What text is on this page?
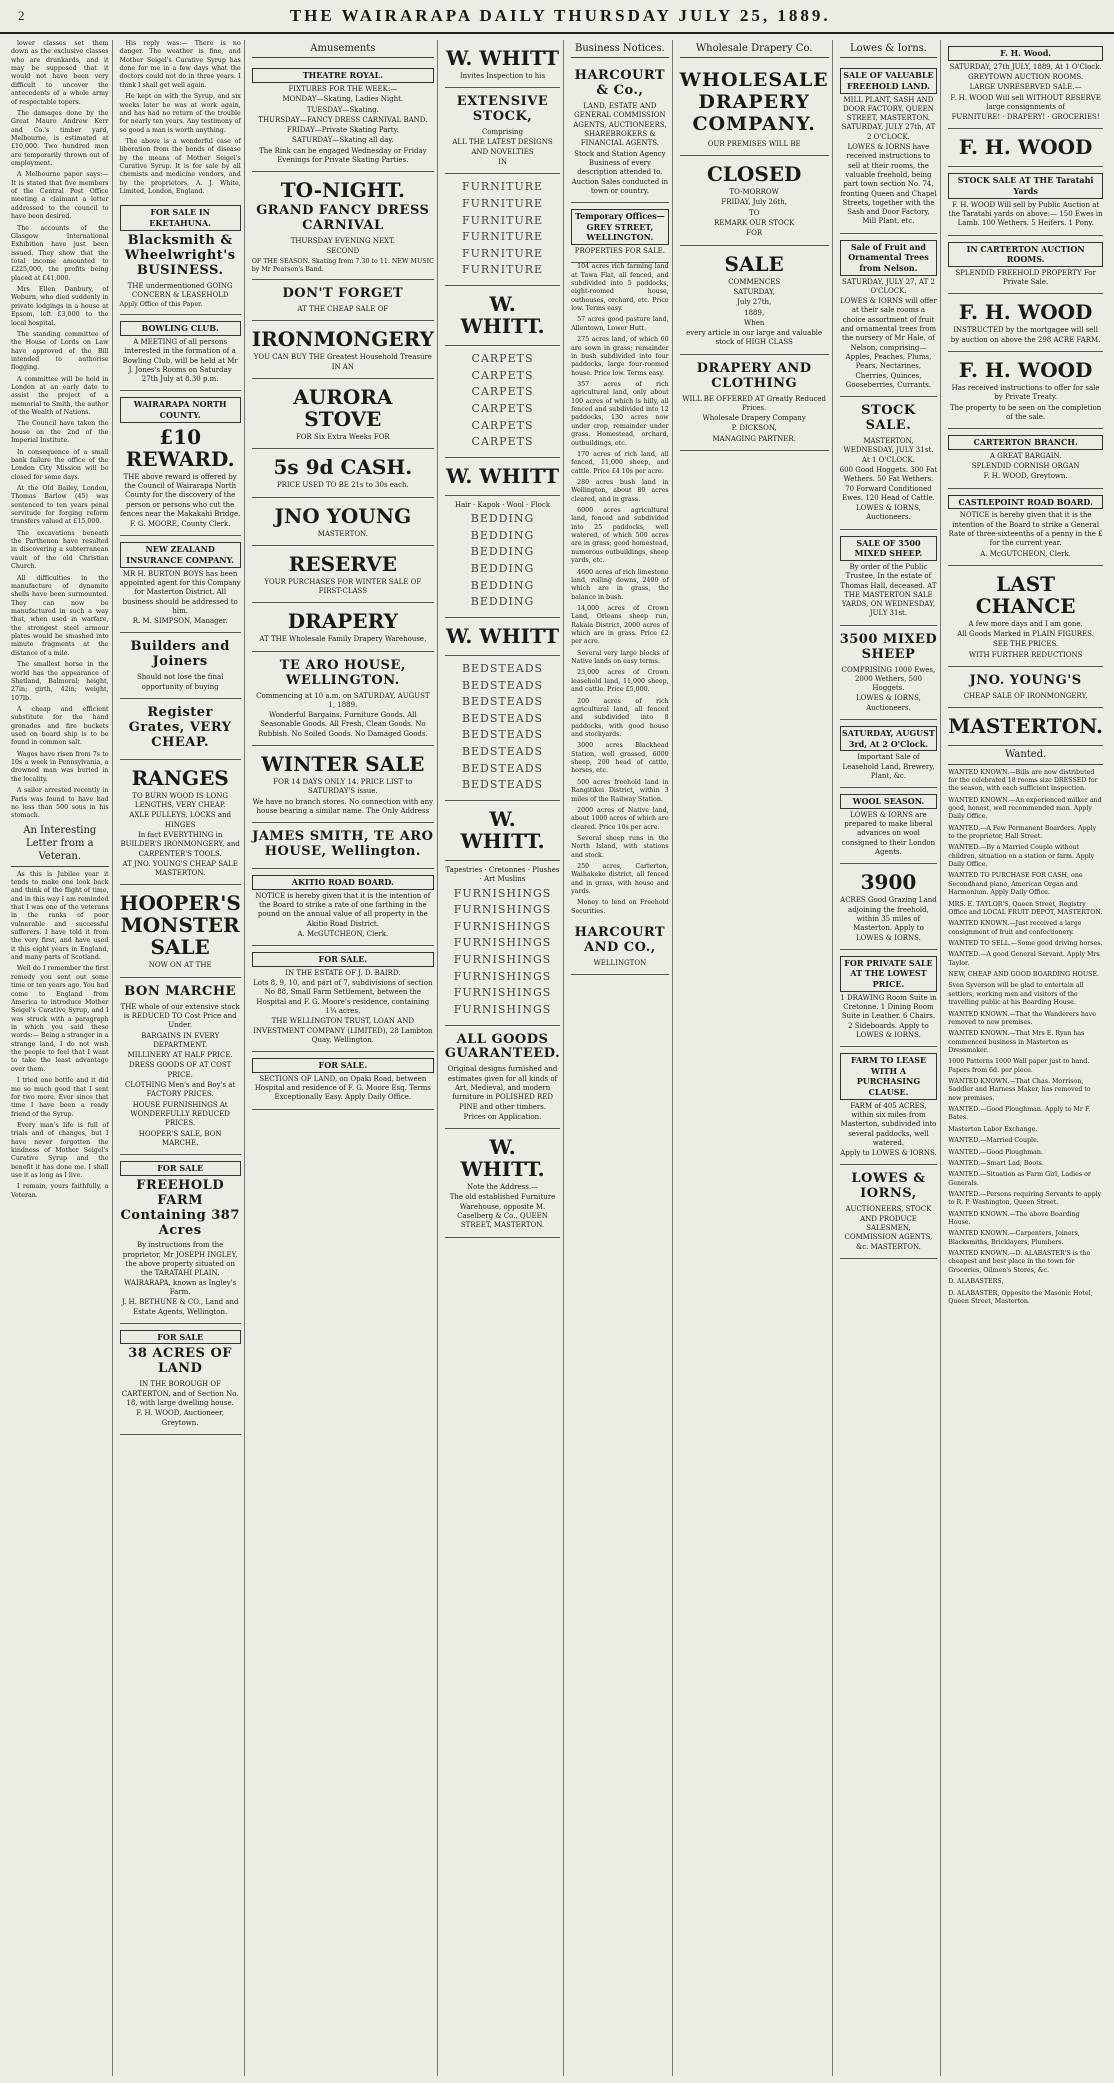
2	THE WAIRARAPA DAILY THURSDAY JULY 25, 1889.

lower classes set them down as the exclusive classes who are drunkards, and it may be supposed that it would not have been very difficult to uncover the antecedents of a whole army of respectable topers.

The damages done by the Great Mauro Andrew Kerr and Co.'s timber yard, Melbourne, is estimated at £10,000. Two hundred men are temporarily thrown out of employment.

A Melbourne paper says:— It is stated that five members of the Central Post Office meeting a claimant a letter addressed to the council to have been desired.

The accounts of the Glasgow International Exhibition have just been issued. They show that the total income amounted to £225,000, the profits being placed at £41,000.

Mrs Ellen Danbury, of Woburn, who died suddenly in private lodgings in a house at Epsom, left £3,000 to the local hospital.

The standing committee of the House of Lords on Law have approved of the Bill intended to authorise flogging.

A committee will be held in London at an early date to assist the project of a memorial to Smith, the author of the Wealth of Nations.

The Council have taken the house on the 2nd of the Imperial Institute.

In consequence of a small bank failure the office of the London City Mission will be closed for some days.

At the Old Bailey, London, Thomas Barlow (45) was sentenced to ten years penal servitude for forging reform transfers valued at £15,000.

The excavations beneath the Parthenon have resulted in discovering a subterranean vault of the old Christian Church.

All difficulties in the manufacture of dynamite shells have been surmounted. They can now be manufactured in such a way that, when used in warfare, the strongest steel armour plates would be smashed into minute fragments at the distance of a mile.

The smallest horse in the world has the appearance of Shetland, Balmoral; height, 27in; girth, 42in; weight, 107lb.

A cheap and efficient substitute for the hand grenades and fire buckets used on board ship is to be found in common salt.

Wages have risen from 7s to 10s a week in Pennsylvania, a drowned man was buried in the locality.

A sailor arrested recently in Paris was found to have had no less than 500 sous in his stomach.

An Interesting Letter from a Veteran.

As this is Jubilee year it tends to make one look back and think of the flight of time, and in this way I am reminded that I was one of the veterans in the ranks of poor vulnerable and successful sufferers. I have told it from the very first, and have used it this eight years in England, and many parts of Scotland.

Well do I remember the first remedy you sent out some time or ten years ago. You had come to England from America to introduce Mother Seigel's Curative Syrup, and I was struck with a paragraph in which you said these words:— Being a stranger in a strange land, I do not wish the people to feel that I want to take the least advantage over them.

I tried one bottle and it did me so much good that I sent for two more. Ever since that time I have been a ready friend of the Syrup.

Every man's life is full of trials and of changes, but I have never forgotten the kindness of Mother Seigel's Curative Syrup and the benefit it has done me. I shall use it as long as I live.

I remain, yours faithfully, a Veteran.

His reply was:— There is no danger. The weather is fine, and Mother Seigel's Curative Syrup has done for me in a few days what the doctors could not do in three years. I think I shall get well again.

He kept on with the Syrup, and six weeks later he was at work again, and has had no return of the trouble for nearly ten years. Any testimony of so good a man is worth anything.

The above is a wonderful case of liberation from the bonds of disease by the means of Mother Seigel's Curative Syrup. It is for sale by all chemists and medicine vendors, and by the proprietors, A. J. White, Limited, London, England.

FOR SALE IN EKETAHUNA.
Blacksmith & Wheelwright's BUSINESS.
THE undermentioned GOING CONCERN & LEASEHOLD
Apply Office of this Paper.
BOWLING CLUB.
A MEETING of all persons interested in the formation of a Bowling Club, will be held at Mr J. Jones's Rooms on Saturday 27th July at 8.30 p.m.
WAIRARAPA NORTH COUNTY.
£10 REWARD.
THE above reward is offered by the Council of Wairarapa North County for the discovery of the person or persons who cut the fences near the Makakahi Bridge.
F. G. MOORE, County Clerk.
NEW ZEALAND INSURANCE COMPANY.
MR H. BURTON BOYS has been appointed agent for this Company for Masterton District. All business should be addressed to him.
R. M. SIMPSON, Manager.
Builders and Joiners
Should not lose the final opportunity of buying
Register Grates, VERY CHEAP.
RANGES
TO BURN WOOD IS LONG LENGTHS, VERY CHEAP.
AXLE PULLEYS, LOCKS and HINGES
In fact EVERYTHING in BUILDER'S IRONMONGERY, and CARPENTER'S TOOLS.
AT JNO. YOUNG'S CHEAP SALE MASTERTON.
HOOPER'S MONSTER SALE
NOW ON AT THE
BON MARCHE
THE whole of our extensive stock is REDUCED TO Cost Price and Under.
BARGAINS IN EVERY DEPARTMENT.
MILLINERY AT HALF PRICE.
DRESS GOODS OF AT COST PRICE.
CLOTHING Men's and Boy's at FACTORY PRICES.
HOUSE FURNISHINGS At WONDERFULLY REDUCED PRICES.
HOOPER'S SALE, BON MARCHE.
FOR SALE
FREEHOLD FARM Containing 387 Acres
By instructions from the proprietor, Mr JOSEPH INGLEY, the above property situated on the TARATAHI PLAIN, WAIRARAPA, known as Ingley's Farm.
J. H. BETHUNE & CO., Land and Estate Agents, Wellington.
FOR SALE
38 ACRES OF LAND
IN THE BOROUGH OF CARTERTON, and of Section No. 18, with large dwelling house.
F. H. WOOD, Auctioneer, Greytown.
Amusements
THEATRE ROYAL.
FIXTURES FOR THE WEEK:—
MONDAY—Skating, Ladies Night.
TUESDAY—Skating.
THURSDAY—FANCY DRESS CARNIVAL BAND.
FRIDAY—Private Skating Party.
SATURDAY—Skating all day.
The Rink can be engaged Wednesday or Friday Evenings for Private Skating Parties.
TO-NIGHT.
GRAND FANCY DRESS CARNIVAL
THURSDAY EVENING NEXT.
SECOND
OF THE SEASON. Skating from 7.30 to 11. NEW MUSIC by Mr Pearson's Band.
DON'T FORGET
AT THE CHEAP SALE OF
IRONMONGERY
YOU CAN BUY THE Greatest Household Treasure IN AN
AURORA STOVE
FOR Six Extra Weeks FOR
5s 9d CASH.
PRICE USED TO BE 21s to 30s each.
JNO YOUNG
MASTERTON.
RESERVE
YOUR PURCHASES FOR WINTER SALE OF FIRST-CLASS
DRAPERY
AT THE Wholesale Family Drapery Warehouse,
TE ARO HOUSE, WELLINGTON.
Commencing at 10 a.m. on SATURDAY, AUGUST 1, 1889.
Wonderful Bargains. Furniture Goods. All Seasonable Goods. All Fresh, Clean Goods. No Rubbish. No Soiled Goods. No Damaged Goods.
WINTER SALE
FOR 14 DAYS ONLY 14. PRICE LIST to SATURDAY'S issue.
We have no branch stores. No connection with any house bearing a similar name. The Only Address
JAMES SMITH, TE ARO HOUSE, Wellington.
AKITIO ROAD BOARD.
NOTICE is hereby given that it is the intention of the Board to strike a rate of one farthing in the pound on the annual value of all property in the Akitio Road District.
A. McGUTCHEON, Clerk.
FOR SALE.
IN THE ESTATE OF J. D. BAIRD.
Lots 8, 9, 10, and part of 7, subdivisions of section No 88, Small Farm Settlement, between the Hospital and F. G. Moore's residence, containing 1¼ acres.
THE WELLINGTON TRUST, LOAN AND INVESTMENT COMPANY (LIMITED), 28 Lambton Quay, Wellington.
FOR SALE.
SECTIONS OF LAND, on Opaki Road, between Hospital and residence of F. G. Moore Esq. Terms Exceptionally Easy. Apply Daily Office.
W. WHITT
Invites Inspection to his
EXTENSIVE STOCK,
Comprising
ALL THE LATEST DESIGNS AND NOVELTIES
IN
FURNITURE
FURNITURE
FURNITURE
FURNITURE
FURNITURE
FURNITURE
W. WHITT.
CARPETS
CARPETS
CARPETS
CARPETS
CARPETS
CARPETS
W. WHITT
Hair · Kapok · Wool · Flock
BEDDING
BEDDING
BEDDING
BEDDING
BEDDING
BEDDING
W. WHITT
BEDSTEADS
BEDSTEADS
BEDSTEADS
BEDSTEADS
BEDSTEADS
BEDSTEADS
BEDSTEADS
BEDSTEADS
W. WHITT.
Tapestries · Cretonnes · Plushes · Art Muslins
FURNISHINGS
FURNISHINGS
FURNISHINGS
FURNISHINGS
FURNISHINGS
FURNISHINGS
FURNISHINGS
FURNISHINGS
ALL GOODS GUARANTEED.
Original designs furnished and estimates given for all kinds of Art, Medieval, and modern furniture in POLISHED RED PINE and other timbers.
Prices on Application.
W. WHITT.
Note the Address.—
The old established Furniture Warehouse, opposite M. Caselberg & Co., QUEEN STREET, MASTERTON.
Business Notices.
HARCOURT & Co.,
LAND, ESTATE AND GENERAL COMMISSION AGENTS, AUCTIONEERS, SHAREBROKERS & FINANCIAL AGENTS.
Stock and Station Agency Business of every description attended to. Auction Sales conducted in town or country.
Temporary Offices— GREY STREET, WELLINGTON.
PROPERTIES FOR SALE.

104 acres rich farming land at Tawa Flat, all fenced, and subdivided into 5 paddocks, eight-roomed house, outhouses, orchard, etc. Price low. Terms easy.

57 acres good pasture land, Allentown, Lower Hutt.

275 acres land, of which 60 are sown in grass; remainder in bush subdivided into four paddocks, large four-roomed house. Price low. Terms easy.

357 acres of rich agricultural land, only about 100 acres of which is hilly, all fenced and subdivided into 12 paddocks, 130 acres now under crop, remainder under grass. Homestead, orchard, outbuildings, etc.

170 acres of rich land, all fenced, 11,000 sheep, and cattle. Price £4 10s per acre.

280 acres bush land in Wellington, about 80 acres cleared, and in grass.

6000 acres agricultural land, fenced and subdivided into 25 paddocks, well watered, of which 500 acres are in grass; good homestead, numerous outbuildings, sheep yards, etc.

4600 acres of rich limestone land, rolling downs, 2400 of which are in grass, the balance in bush.

14,000 acres of Crown Land, Orleans sheep run, Rakaia District, 2000 acres of which are in grass. Price £2 per acre.

Several very large blocks of Native lands on easy terms.

23,000 acres of Crown leasehold land, 11,000 sheep, and cattle. Price £5,000.

200 acres of rich agricultural land, all fenced and subdivided into 8 paddocks, with good house and stockyards.

3000 acres Blackhead Station, well grassed, 6000 sheep, 200 head of cattle, horses, etc.

500 acres freehold land in Rangitikei District, within 3 miles of the Railway Station.

2000 acres of Native land, about 1000 acres of which are cleared. Price 10s per acre.

Several sheep runs in the North Island, with stations and stock.

250 acres, Carterton, Waihakeke district, all fenced and in grass, with house and yards.

Money to lend on Freehold Securities.

HARCOURT AND CO.,
WELLINGTON
Wholesale Drapery Co.
WHOLESALE DRAPERY COMPANY.
OUR PREMISES WILL BE
CLOSED
TO-MORROW
FRIDAY, July 26th,
TO
REMARK OUR STOCK
FOR
SALE
COMMENCES
SATURDAY,
July 27th,
1889,
When
every article in our large and valuable stock of HIGH CLASS
DRAPERY AND CLOTHING
WILL BE OFFERED AT Greatly Reduced Prices.
Wholesale Drapery Company
P. DICKSON,
MANAGING PARTNER.
Lowes & Iorns.
SALE OF VALUABLE FREEHOLD LAND.
MILL PLANT, SASH AND DOOR FACTORY, QUEEN STREET, MASTERTON. SATURDAY, JULY 27th, AT 2 O'CLOCK.
LOWES & IORNS have received instructions to sell at their rooms, the valuable freehold, being part town section No. 74, fronting Queen and Chapel Streets, together with the Sash and Door Factory, Mill Plant, etc.
Sale of Fruit and Ornamental Trees from Nelson.
SATURDAY, JULY 27, AT 2 O'CLOCK.
LOWES & IORNS will offer at their sale rooms a choice assortment of fruit and ornamental trees from the nursery of Mr Hale, of Nelson, comprising— Apples, Peaches, Plums, Pears, Nectarines, Cherries, Quinces, Gooseberries, Currants.
STOCK SALE.
MASTERTON, WEDNESDAY, JULY 31st. At 1 O'CLOCK.
600 Good Hoggets. 300 Fat Wethers. 50 Fat Wethers. 70 Forward Conditioned Ewes. 120 Head of Cattle.
LOWES & IORNS, Auctioneers.
SALE OF 3500 MIXED SHEEP.
By order of the Public Trustee, In the estate of Thomas Hall, deceased. AT THE MASTERTON SALE YARDS, ON WEDNESDAY, JULY 31st.
3500 MIXED SHEEP
COMPRISING 1000 Ewes, 2000 Wethers, 500 Hoggets.
LOWES & IORNS, Auctioneers.
SATURDAY, AUGUST 3rd, At 2 O'Clock.
Important Sale of Leasehold Land, Brewery, Plant, &c.
WOOL SEASON.
LOWES & IORNS are prepared to make liberal advances on wool consigned to their London Agents.
3900
ACRES Good Grazing Land adjoining the freehold, within 35 miles of Masterton. Apply to LOWES & IORNS.
FOR PRIVATE SALE AT THE LOWEST PRICE.
1 DRAWING Room Suite in Cretonne. 1 Dining Room Suite in Leather. 6 Chairs. 2 Sideboards. Apply to LOWES & IORNS.
FARM TO LEASE WITH A PURCHASING CLAUSE.
FARM of 405 ACRES, within six miles from Masterton, subdivided into several paddocks, well watered.
Apply to LOWES & IORNS.
LOWES & IORNS,
AUCTIONEERS, STOCK AND PRODUCE SALESMEN, COMMISSION AGENTS, &c. MASTERTON.
F. H. Wood.
SATURDAY, 27th JULY, 1889, At 1 O'Clock.
GREYTOWN AUCTION ROOMS.
LARGE UNRESERVED SALE.—
F. H. WOOD Will sell WITHOUT RESERVE large consignments of
FURNITURE! · DRAPERY! · GROCERIES!
F. H. WOOD
STOCK SALE AT THE Taratahi Yards
F. H. WOOD Will sell by Public Auction at the Taratahi yards on above:— 150 Ewes in Lamb. 100 Wethers. 5 Heifers. 1 Pony.
IN CARTERTON AUCTION ROOMS.
SPLENDID FREEHOLD PROPERTY For Private Sale.
F. H. WOOD
INSTRUCTED by the mortgagee will sell by auction on above the 298 ACRE FARM.
F. H. WOOD
Has received instructions to offer for sale by Private Treaty.
The property to be seen on the completion of the sale.
CARTERTON BRANCH.
A GREAT BARGAIN.
SPLENDID CORNISH ORGAN
F. H. WOOD, Greytown.
CASTLEPOINT ROAD BOARD.
NOTICE is hereby given that it is the intention of the Board to strike a General Rate of three-sixteenths of a penny in the £ for the current year.
A. McGUTCHEON, Clerk.
LAST CHANCE
A few more days and I am gone.
All Goods Marked in PLAIN FIGURES.
SEE THE PRICES.
WITH FURTHER REDUCTIONS
JNO. YOUNG'S
CHEAP SALE OF IRONMONGERY,
MASTERTON.
Wanted.

WANTED KNOWN.—Bills are now distributed for the celebrated 18 rooms size DRESSED for the season, with each sufficient inspection.

WANTED KNOWN.—An experienced milker and good, honest, well recommended man. Apply Daily Office.

WANTED.—A Few Permanent Boarders. Apply to the proprietor, Hall Street.

WANTED.—By a Married Couple without children, situation on a station or farm. Apply Daily Office.

WANTED TO PURCHASE FOR CASH, one Secondhand piano, American Organ and Harmonium. Apply Daily Office.

MRS. E. TAYLOR'S, Queen Street, Registry Office and LOCAL FRUIT DEPOT, MASTERTON.

WANTED KNOWN.—Just received a large consignment of fruit and confectionery.

WANTED TO SELL.—Some good driving horses.

WANTED.—A good General Servant. Apply Mrs Taylor.

NEW, CHEAP AND GOOD BOARDING HOUSE.

Sven Syverson will be glad to entertain all settlers, working men and visitors of the travelling public at his Boarding House.

WANTED KNOWN.—That the Wanderers have removed to new premises.

WANTED KNOWN.—That Mrs E. Ryan has commenced business in Masterton as Dressmaker.

1000 Patterns 1000 Wall paper just to hand. Papers from 6d. per piece.

WANTED KNOWN.—That Chas. Morrison, Saddler and Harness Maker, has removed to new premises.

WANTED.—Good Ploughman. Apply to Mr F. Bates.

Masterton Labor Exchange.

WANTED.—Married Couple.

WANTED.—Good Ploughman.

WANTED.—Smart Lad, Boots.

WANTED.—Situation as Farm Girl, Ladies or Generals.

WANTED.—Persons requiring Servants to apply to R. P. Washington, Queen Street.

WANTED KNOWN.—The above Boarding House.

WANTED KNOWN.—Carpenters, Joiners, Blacksmiths, Bricklayers, Plumbers.

WANTED KNOWN.—D. ALABASTER'S is the cheapest and best place in the town for Groceries, Oilmen's Stores, &c.

D. ALABASTERS,

D. ALABASTER, Opposite the Masonic Hotel, Queen Street, Masterton.
